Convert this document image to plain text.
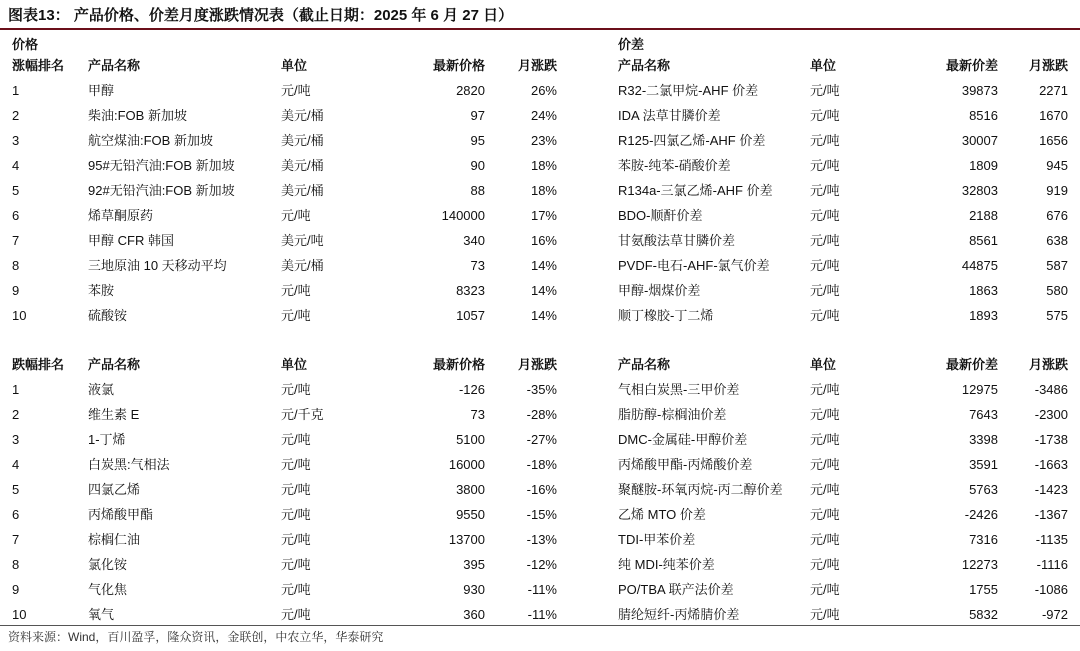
图表13： 产品价格、价差月度涨跌情况表（截止日期：2025 年 6 月 27 日）
价格	价差
涨幅排名	产品名称	单位	最新价格	月涨跌	产品名称	单位	最新价差	月涨跌
1	甲醇	元/吨	2820	26%	R32-二氯甲烷-AHF 价差	元/吨	39873	2271
2	柴油:FOB 新加坡	美元/桶	97	24%	IDA 法草甘膦价差	元/吨	8516	1670
3	航空煤油:FOB 新加坡	美元/桶	95	23%	R125-四氯乙烯-AHF 价差	元/吨	30007	1656
4	95#无铅汽油:FOB 新加坡	美元/桶	90	18%	苯胺-纯苯-硝酸价差	元/吨	1809	945
5	92#无铅汽油:FOB 新加坡	美元/桶	88	18%	R134a-三氯乙烯-AHF 价差	元/吨	32803	919
6	烯草酮原药	元/吨	140000	17%	BDO-顺酐价差	元/吨	2188	676
7	甲醇 CFR 韩国	美元/吨	340	16%	甘氨酸法草甘膦价差	元/吨	8561	638
8	三地原油 10 天移动平均	美元/桶	73	14%	PVDF-电石-AHF-氯气价差	元/吨	44875	587
9	苯胺	元/吨	8323	14%	甲醇-烟煤价差	元/吨	1863	580
10	硫酸铵	元/吨	1057	14%	顺丁橡胶-丁二烯	元/吨	1893	575
跌幅排名	产品名称	单位	最新价格	月涨跌	产品名称	单位	最新价差	月涨跌
1	液氯	元/吨	-126	-35%	气相白炭黑-三甲价差	元/吨	12975	-3486
2	维生素 E	元/千克	73	-28%	脂肪醇-棕榈油价差	元/吨	7643	-2300
3	1-丁烯	元/吨	5100	-27%	DMC-金属硅-甲醇价差	元/吨	3398	-1738
4	白炭黑:气相法	元/吨	16000	-18%	丙烯酸甲酯-丙烯酸价差	元/吨	3591	-1663
5	四氯乙烯	元/吨	3800	-16%	聚醚胺-环氧丙烷-丙二醇价差	元/吨	5763	-1423
6	丙烯酸甲酯	元/吨	9550	-15%	乙烯 MTO 价差	元/吨	-2426	-1367
7	棕榈仁油	元/吨	13700	-13%	TDI-甲苯价差	元/吨	7316	-1135
8	氯化铵	元/吨	395	-12%	纯 MDI-纯苯价差	元/吨	12273	-1116
9	气化焦	元/吨	930	-11%	PO/TBA 联产法价差	元/吨	1755	-1086
10	氧气	元/吨	360	-11%	腈纶短纤-丙烯腈价差	元/吨	5832	-972
资料来源：Wind，百川盈孚，隆众资讯，金联创，中农立华，华泰研究
